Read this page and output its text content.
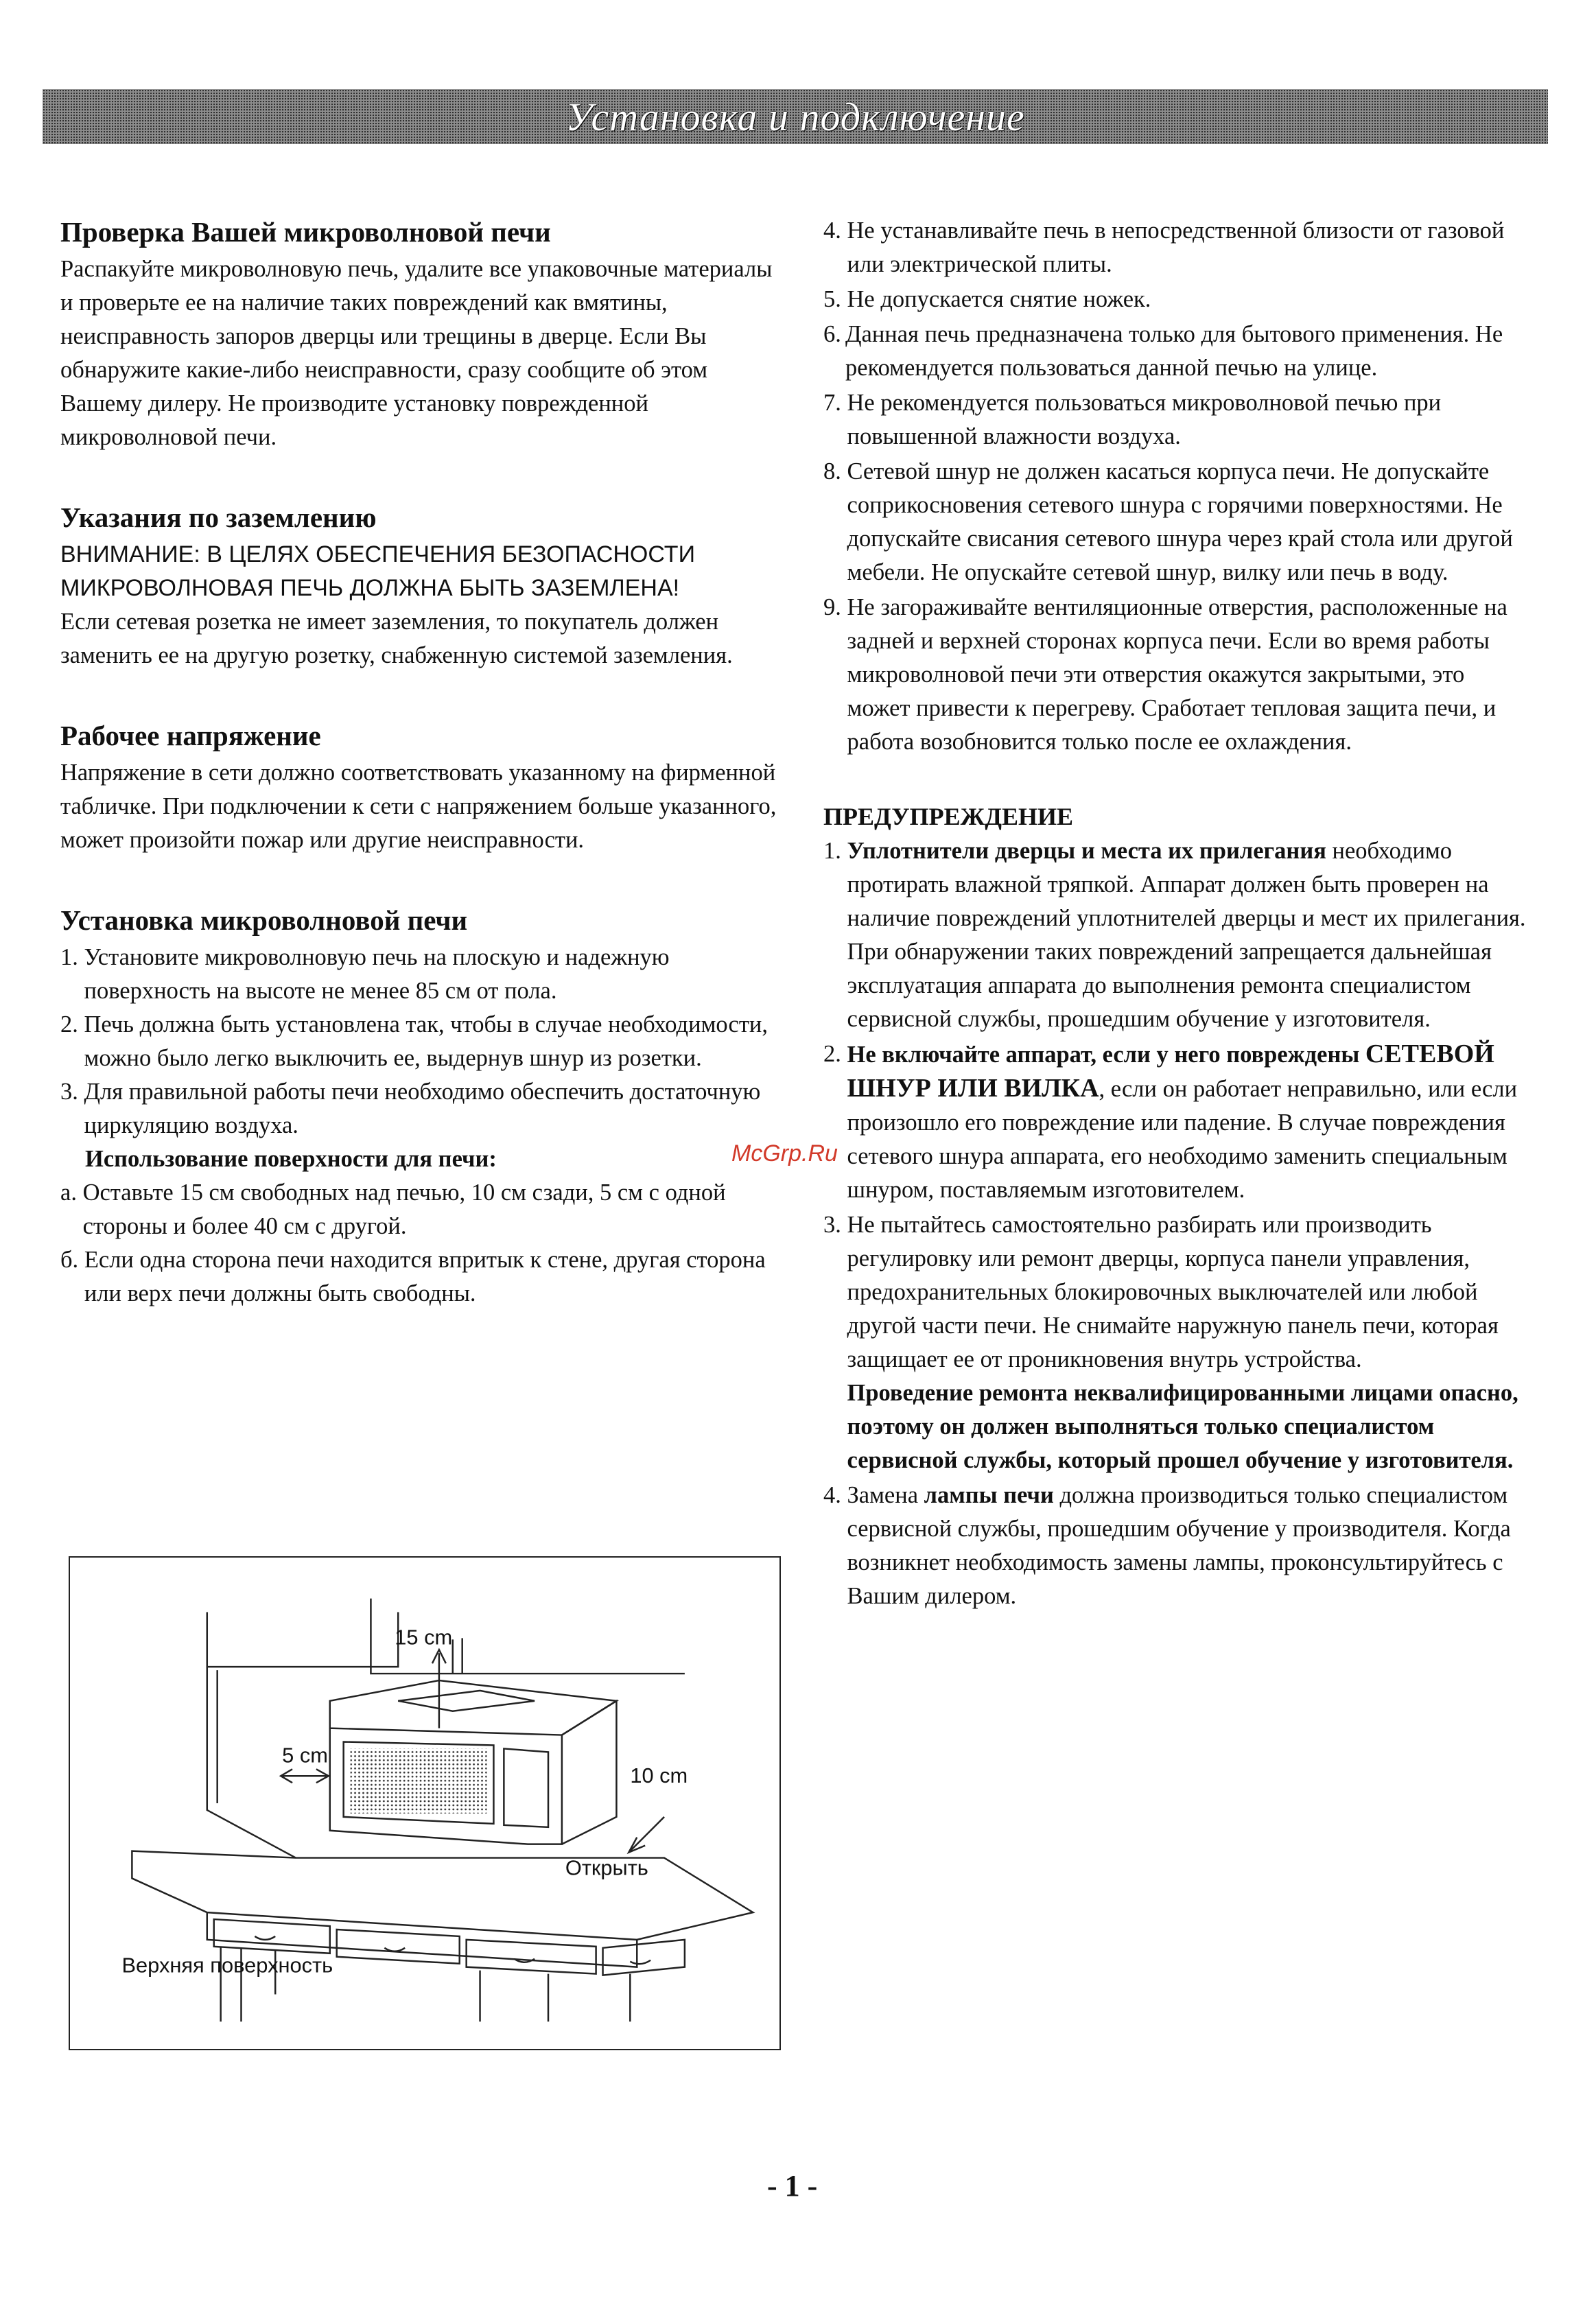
Установка и подключение
Проверка Вашей микроволновой печи

Распакуйте микроволновую печь, удалите все упаковочные материалы и проверьте ее на наличие таких повреждений как вмятины, неисправность запоров дверцы или трещины в дверце. Если Вы обнаружите какие-либо неисправности, сразу сообщите об этом Вашему дилеру. Не производите установку поврежденной микроволновой печи.

Указания по заземлению

ВНИМАНИЕ: В ЦЕЛЯХ ОБЕСПЕЧЕНИЯ БЕЗОПАСНОСТИ МИКРОВОЛНОВАЯ ПЕЧЬ ДОЛЖНА БЫТЬ ЗАЗЕМЛЕНА!

Если сетевая розетка не имеет заземления, то покупатель должен заменить ее на другую розетку, снабженную системой заземления.

Рабочее напряжение

Напряжение в сети должно соответствовать указанному на фирменной табличке. При подключении к сети с напряжением больше указанного, может произойти пожар или другие неисправности.

Установка микроволновой печи
1. Установите микроволновую печь на плоскую и надежную поверхность на высоте не менее 85 см от пола.
2. Печь должна быть установлена так, чтобы в случае необходимости, можно было легко выключить ее, выдернув шнур из розетки.
3. Для правильной работы печи необходимо обеспечить достаточную циркуляцию воздуха.
Использование поверхности для печи:
а. Оставьте 15 см свободных над печью, 10 см сзади, 5 см с одной стороны и более 40 см с другой.
б. Если одна сторона печи находится впритык к стене, другая сторона или верх печи должны быть свободны.
15 cm
5 cm
10 cm
Открыть
Верхняя поверхность
4. Не устанавливайте печь в непосредственной близости от газовой или электрической плиты.
5. Не допускается снятие ножек.
6. Данная печь предназначена только для бытового применения. Не рекомендуется пользоваться данной печью на улице.
7. Не рекомендуется пользоваться микроволновой печью при повышенной влажности воздуха.
8. Сетевой шнур не должен касаться корпуса печи. Не допускайте соприкосновения сетевого шнура с горячими поверхностями. Не допускайте свисания сетевого шнура через край стола или другой мебели. Не опускайте сетевой шнур, вилку или печь в воду.
9. Не загораживайте вентиляционные отверстия, расположенные на задней и верхней сторонах корпуса печи. Если во время работы микроволновой печи эти отверстия окажутся закрытыми, это может привести к перегреву. Сработает тепловая защита печи, и работа возобновится только после ее охлаждения.
ПРЕДУПРЕЖДЕНИЕ
1. Уплотнители дверцы и места их прилегания необходимо протирать влажной тряпкой. Аппарат должен быть проверен на наличие повреждений уплотнителей дверцы и мест их прилегания. При обнаружении таких повреждений запрещается дальнейшая эксплуатация аппарата до выполнения ремонта специалистом сервисной службы, прошедшим обучение у изготовителя.
2. Не включайте аппарат, если у него повреждены СЕТЕВОЙ ШНУР ИЛИ ВИЛКА, если он работает неправильно, или если произошло его повреждение или падение. В случае повреждения сетевого шнура аппарата, его необходимо заменить специальным шнуром, поставляемым изготовителем.
3. Не пытайтесь самостоятельно разбирать или производить регулировку или ремонт дверцы, корпуса панели управления, предохранительных блокировочных выключателей или любой другой части печи. Не снимайте наружную панель печи, которая защищает ее от проникновения внутрь устройства.
Проведение ремонта неквалифицированными лицами опасно, поэтому он должен выполняться только специалистом сервисной службы, который прошел обучение у изготовителя.
4. Замена лампы печи должна производиться только специалистом сервисной службы, прошедшим обучение у производителя. Когда возникнет необходимость замены лампы, проконсультируйтесь с Вашим дилером.
McGrp.Ru
- 1 -
